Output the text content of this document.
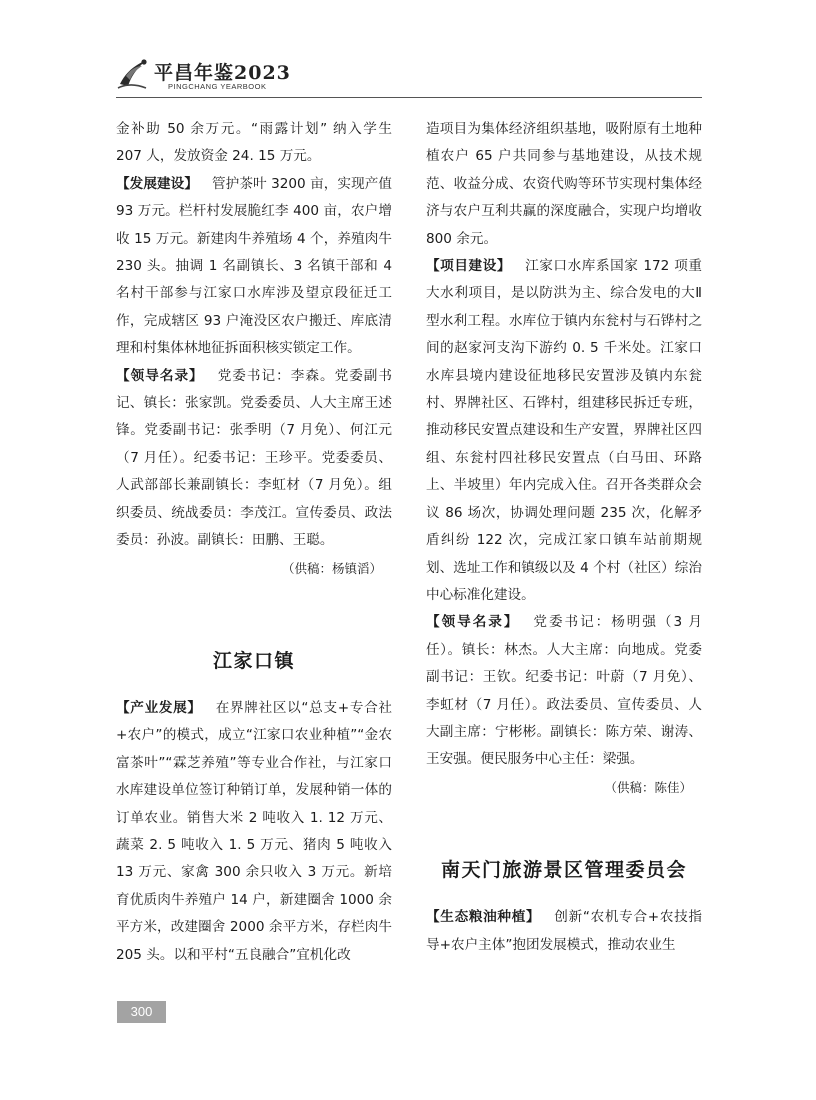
平昌年鉴2023
PINGCHANG YEARBOOK

金补助 50 余万元。“雨露计划” 纳入学生 207 人，发放资金 24. 15 万元。

【发展建设】 管护茶叶 3200 亩，实现产值 93 万元。栏杆村发展脆红李 400 亩，农户增收 15 万元。新建肉牛养殖场 4 个，养殖肉牛 230 头。抽调 1 名副镇长、3 名镇干部和 4 名村干部参与江家口水库涉及望京段征迁工作，完成辖区 93 户淹没区农户搬迁、库底清理和村集体林地征拆面积核实锁定工作。

【领导名录】 党委书记：李森。党委副书记、镇长：张家凯。党委委员、人大主席王述锋。党委副书记：张季明（7 月免）、何江元（7 月任）。纪委书记：王珍平。党委委员、人武部部长兼副镇长：李虹材（7 月免）。组织委员、统战委员：李茂江。宣传委员、政法委员：孙波。副镇长：田鹏、王聪。

（供稿：杨镇滔）

江家口镇

【产业发展】 在界牌社区以“总支+专合社+农户”的模式，成立“江家口农业种植”“金农富茶叶”“霖芝养殖”等专业合作社，与江家口水库建设单位签订种销订单，发展种销一体的订单农业。销售大米 2 吨收入 1. 12 万元、蔬菜 2. 5 吨收入 1. 5 万元、猪肉 5 吨收入 13 万元、家禽 300 余只收入 3 万元。新培育优质肉牛养殖户 14 户，新建圈舍 1000 余平方米，改建圈舍 2000 余平方米，存栏肉牛 205 头。以和平村“五良融合”宜机化改

造项目为集体经济组织基地，吸附原有土地种植农户 65 户共同参与基地建设，从技术规范、收益分成、农资代购等环节实现村集体经济与农户互利共赢的深度融合，实现户均增收 800 余元。

【项目建设】 江家口水库系国家 172 项重大水利项目，是以防洪为主、综合发电的大Ⅱ型水利工程。水库位于镇内东瓮村与石铧村之间的赵家河支沟下游约 0. 5 千米处。江家口水库县境内建设征地移民安置涉及镇内东瓮村、界牌社区、石铧村，组建移民拆迁专班，推动移民安置点建设和生产安置，界牌社区四组、东瓮村四社移民安置点（白马田、环路上、半坡里）年内完成入住。召开各类群众会议 86 场次，协调处理问题 235 次，化解矛盾纠纷 122 次，完成江家口镇车站前期规划、选址工作和镇级以及 4 个村（社区）综治中心标准化建设。

【领导名录】 党委书记：杨明强（3 月任）。镇长：林杰。人大主席：向地成。党委副书记：王钦。纪委书记：叶蔚（7 月免）、李虹材（7 月任）。政法委员、宣传委员、人大副主席：宁彬彬。副镇长：陈方荣、谢涛、王安强。便民服务中心主任：梁强。

（供稿：陈佳）

南天门旅游景区管理委员会

【生态粮油种植】 创新“农机专合+农技指导+农户主体”抱团发展模式，推动农业生

300
